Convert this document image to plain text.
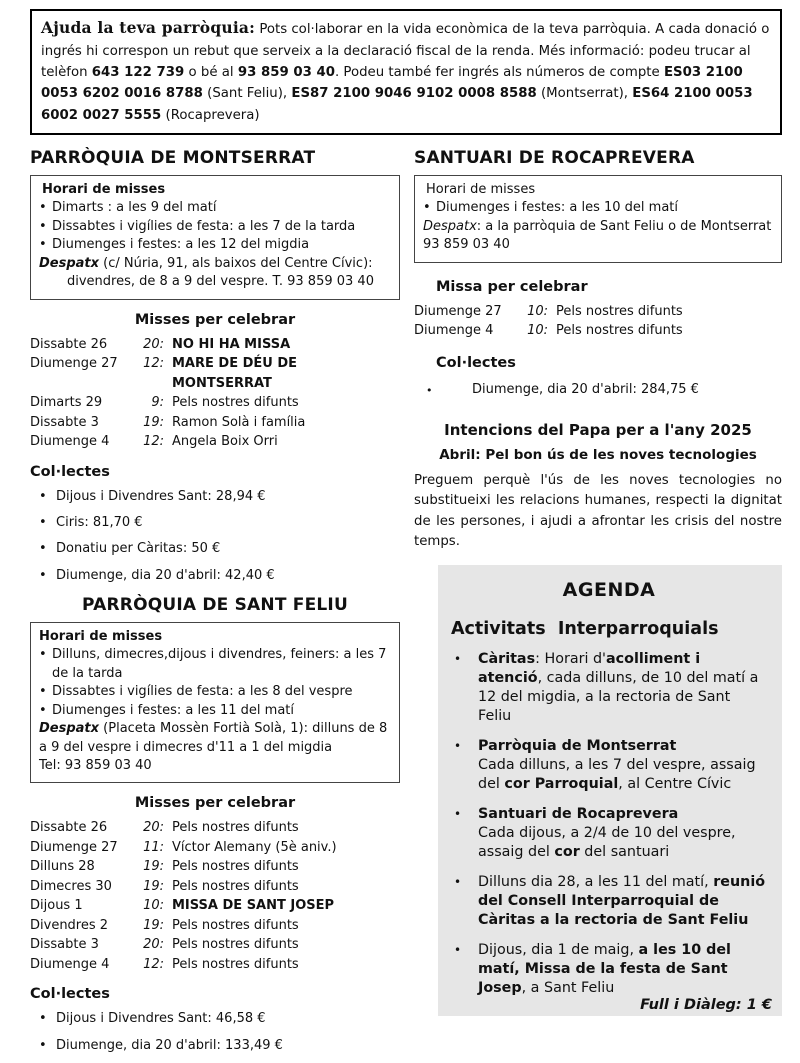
Ajuda la teva parròquia: Pots col·laborar en la vida econòmica de la teva parròquia. A cada donació o ingrés hi correspon un rebut que serveix a la declaració fiscal de la renda. Més informació: podeu trucar al telèfon 643 122 739 o bé al 93 859 03 40. Podeu també fer ingrés als números de compte ES03 2100 0053 6202 0016 8788 (Sant Feliu), ES87 2100 9046 9102 0008 8588 (Montserrat), ES64 2100 0053 6002 0027 5555 (Rocaprevera)
PARRÒQUIA DE MONTSERRAT
Horari de misses
• Dimarts : a les 9 del matí
• Dissabtes i vigílies de festa: a les 7 de la tarda
• Diumenges i festes: a les 12 del migdia
Despatx (c/ Núria, 91, als baixos del Centre Cívic):
divendres, de 8 a 9 del vespre. T. 93 859 03 40
Misses per celebrar
Dissabte 26	20: NO HI HA MISSA
Diumenge 27	12: MARE DE DÉU DE MONTSERRAT
Dimarts 29	9: Pels nostres difunts
Dissabte 3	19: Ramon Solà i família
Diumenge 4	12: Angela Boix Orri
Col·lectes
• Dijous i Divendres Sant: 28,94 €
• Ciris: 81,70 €
• Donatiu per Càritas: 50 €
• Diumenge, dia 20 d'abril: 42,40 €
PARRÒQUIA DE SANT FELIU
Horari de misses
• Dilluns, dimecres,dijous i divendres, feiners: a les 7 de la tarda
• Dissabtes i vigílies de festa: a les 8 del vespre
• Diumenges i festes: a les 11 del matí
Despatx (Placeta Mossèn Fortià Solà, 1): dilluns de 8 a 9 del vespre i dimecres d'11 a 1 del migdia
Tel: 93 859 03 40
Misses per celebrar
Dissabte 26	20: Pels nostres difunts
Diumenge 27	11: Víctor Alemany (5è aniv.)
Dilluns 28	19: Pels nostres difunts
Dimecres 30	19: Pels nostres difunts
Dijous 1	10: MISSA DE SANT JOSEP
Divendres 2	19: Pels nostres difunts
Dissabte 3	20: Pels nostres difunts
Diumenge 4	12: Pels nostres difunts
Col·lectes
• Dijous i Divendres Sant: 46,58 €
• Diumenge, dia 20 d'abril: 133,49 €
SANTUARI DE ROCAPREVERA
Horari de misses
• Diumenges i festes: a les 10 del matí
Despatx: a la parròquia de Sant Feliu o de Montserrat
93 859 03 40
Missa per celebrar
Diumenge 27	10: Pels nostres difunts
Diumenge 4	10: Pels nostres difunts
Col·lectes
•	Diumenge, dia 20 d'abril: 284,75 €
Intencions del Papa per a l'any 2025
Abril: Pel bon ús de les noves tecnologies
Preguem perquè l'ús de les noves tecnologies no substitueixi les relacions humanes, respecti la dignitat de les persones, i ajudi a afrontar les crisis del nostre temps.
AGENDA
Activitats  Interparroquials
•	Càritas: Horari d'acolliment i atenció, cada dilluns, de 10 del matí a 12 del migdia, a la rectoria de Sant Feliu
•	Parròquia de Montserrat
Cada dilluns, a les 7 del vespre, assaig del cor Parroquial, al Centre Cívic
•	Santuari de Rocaprevera
Cada dijous, a 2/4 de 10 del vespre, assaig del cor del santuari
•	Dilluns dia 28, a les 11 del matí, reunió del Consell Interparroquial de Càritas a la rectoria de Sant Feliu
•	Dijous, dia 1 de maig, a les 10 del matí, Missa de la festa de Sant Josep, a Sant Feliu
Full i Diàleg: 1 €
